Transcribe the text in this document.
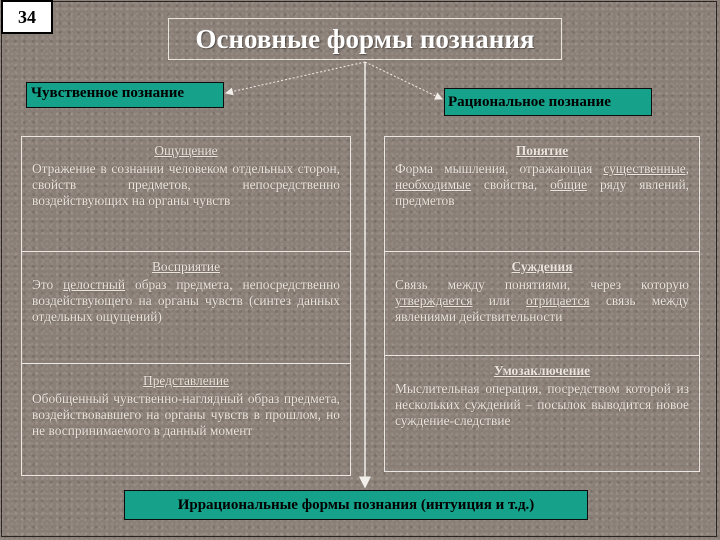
34
Основные формы познания
Чувственное познание
Рациональное познание
Ощущение
Отражение в сознании человеком отдельных сторон, свойств предметов, непосредственно воздействующих на органы чувств
Восприятие
Это целостный образ предмета, непосредственно воздействующего на органы чувств (синтез данных отдельных ощущений)
Представление
Обобщенный чувственно-наглядный образ предмета, воздействовавшего на органы чувств в прошлом, но не воспринимаемого в данный момент
Понятие
Форма мышления, отражающая существенные, необходимые свойства, общие ряду явлений, предметов
Суждения
Связь между понятиями, через которую утверждается или отрицается связь между явлениями действительности
Умозаключение
Мыслительная операция, посредством которой из нескольких суждений – посылок выводится новое суждение-следствие
Иррациональные формы познания (интуиция и т.д.)
